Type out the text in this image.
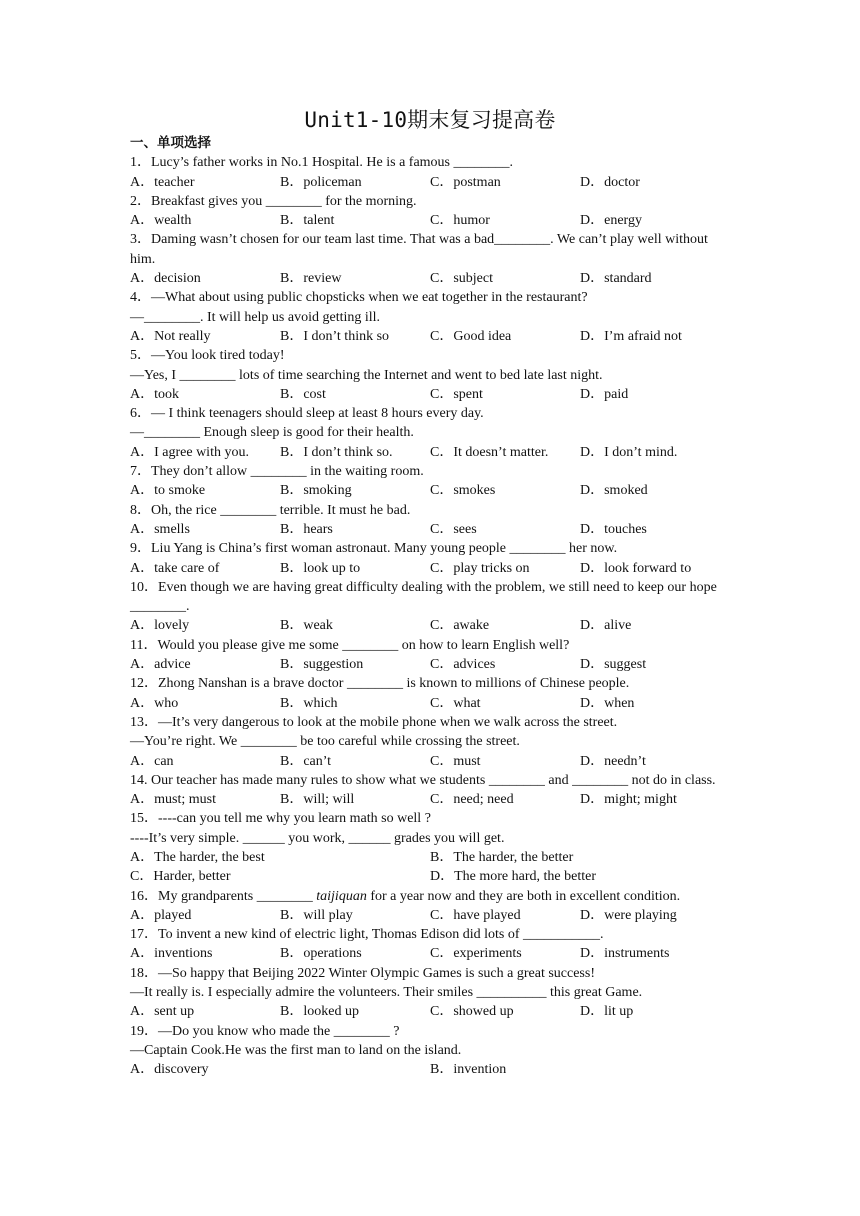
Unit1-10期末复习提高卷
一、单项选择

1．Lucy’s father works in No.1 Hospital. He is a famous ________.

A．teacher	B．policeman	C．postman	D．doctor

2．Breakfast gives you ________ for the morning.

A．wealth	B．talent	C．humor	D．energy

3．Daming wasn’t chosen for our team last time. That was a bad________. We can’t play well without him.

A．decision	B．review	C．subject	D．standard

4．—What about using public chopsticks when we eat together in the restaurant?

—________. It will help us avoid getting ill.

A．Not really	B．I don’t think so	C．Good idea	D．I’m afraid not

5．—You look tired today!

—Yes, I ________ lots of time searching the Internet and went to bed late last night.

A．took	B．cost	C．spent	D．paid

6．— I think teenagers should sleep at least 8 hours every day.

—________ Enough sleep is good for their health.

A．I agree with you.	B．I don’t think so.	C．It doesn’t matter.	D．I don’t mind.

7．They don’t allow ________ in the waiting room.

A．to smoke	B．smoking	C．smokes	D．smoked

8．Oh, the rice ________ terrible. It must he bad.

A．smells	B．hears	C．sees	D．touches

9．Liu Yang is China’s first woman astronaut. Many young people ________ her now.

A．take care of	B．look up to	C．play tricks on	D．look forward to

10．Even though we are having great difficulty dealing with the problem, we still need to keep our hope ________.

A．lovely	B．weak	C．awake	D．alive

11．Would you please give me some ________ on how to learn English well?

A．advice	B．suggestion	C．advices	D．suggest

12．Zhong Nanshan is a brave doctor ________ is known to millions of Chinese people.

A．who	B．which	C．what	D．when

13．—It’s very dangerous to look at the mobile phone when we walk across the street.

—You’re right. We ________ be too careful while crossing the street.

A．can	B．can’t	C．must	D．needn’t

14. Our teacher has made many rules to show what we students ________ and ________ not do in class.

A．must; must	B．will; will	C．need; need	D．might; might

15．----can you tell me why you learn math so well ?

----It’s very simple. ______ you work, ______ grades you will get.

A．The harder, the best	B．The harder, the better
C．Harder, better	D．The more hard, the better

16．My grandparents ________ taijiquan for a year now and they are both in excellent condition.

A．played	B．will play	C．have played	D．were playing

17．To invent a new kind of electric light, Thomas Edison did lots of ___________.

A．inventions	B．operations	C．experiments	D．instruments

18．—So happy that Beijing 2022 Winter Olympic Games is such a great success!

—It really is. I especially admire the volunteers. Their smiles __________ this great Game.

A．sent up	B．looked up	C．showed up	D．lit up

19．—Do you know who made the ________ ?

—Captain Cook.He was the first man to land on the island.

A．discovery	B．invention
